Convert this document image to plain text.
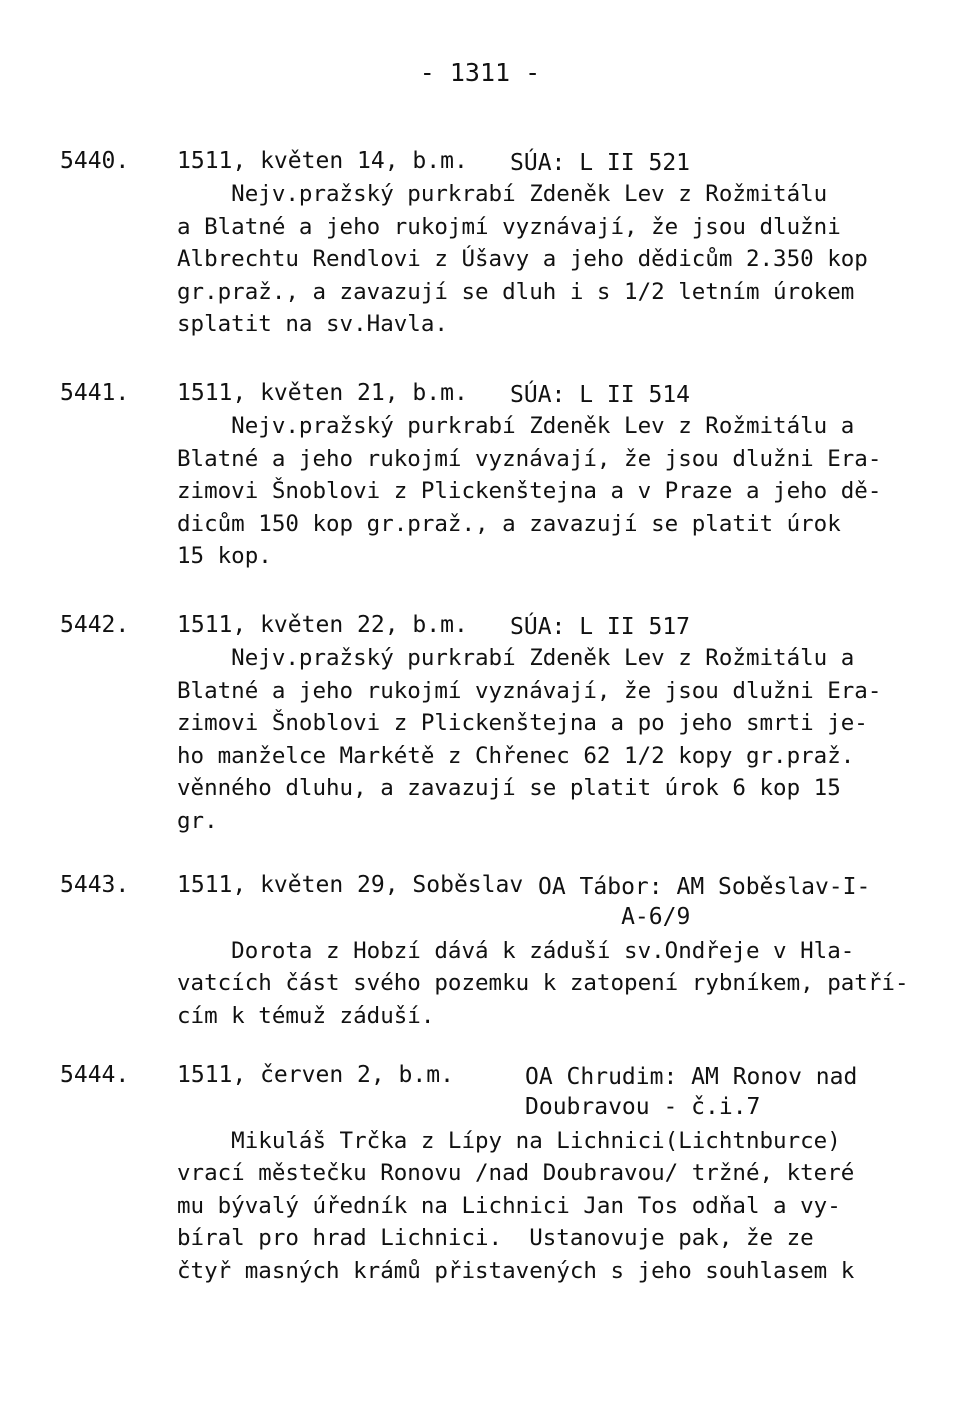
- 1311 -
5440. 1511, květen 14, b.m. SÚA: L II 521
Nejv.pražský purkrabí Zdeněk Lev z Rožmitálu
a Blatné a jeho rukojmí vyznávají, že jsou dlužni
Albrechtu Rendlovi z Úšavy a jeho dědicům 2.350 kop
gr.praž., a zavazují se dluh i s 1/2 letním úrokem
splatit na sv.Havla.
5441. 1511, květen 21, b.m. SÚA: L II 514
Nejv.pražský purkrabí Zdeněk Lev z Rožmitálu a
Blatné a jeho rukojmí vyznávají, že jsou dlužni Era-
zimovi Šnoblovi z Plickenštejna a v Praze a jeho dě-
dicům 150 kop gr.praž., a zavazují se platit úrok
15 kop.
5442. 1511, květen 22, b.m. SÚA: L II 517
Nejv.pražský purkrabí Zdeněk Lev z Rožmitálu a
Blatné a jeho rukojmí vyznávají, že jsou dlužni Era-
zimovi Šnoblovi z Plickenštejna a po jeho smrti je-
ho manželce Markétě z Chřenec 62 1/2 kopy gr.praž.
věnného dluhu, a zavazují se platit úrok 6 kop 15
gr.
5443. 1511, květen 29, Soběslav OA Tábor: AM Soběslav-I-
A-6/9

Dorota z Hobzí dává k záduší sv.Ondřeje v Hla-
vatcích část svého pozemku k zatopení rybníkem, patří-
cím k témuž záduší.
5444. 1511, červen 2, b.m.	OA Chrudim: AM Ronov nad
Doubravou - č.i.7

Mikuláš Trčka z Lípy na Lichnici(Lichtnburce)
vrací městečku Ronovu /nad Doubravou/ tržné, které
mu bývalý úředník na Lichnici Jan Tos odňal a vy-
bíral pro hrad Lichnici.  Ustanovuje pak, že ze
čtyř masných krámů přistavených s jeho souhlasem k
